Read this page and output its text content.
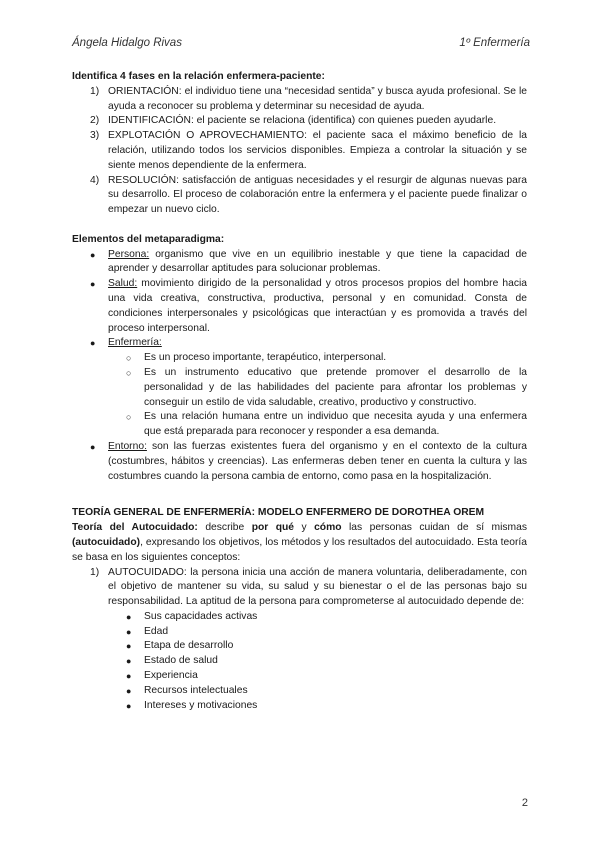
Ángela Hidalgo Rivas	1º Enfermería
Identifica 4 fases en la relación enfermera-paciente:
1) ORIENTACIÓN: el individuo tiene una “necesidad sentida” y busca ayuda profesional. Se le ayuda a reconocer su problema y determinar su necesidad de ayuda.
2) IDENTIFICACIÓN: el paciente se relaciona (identifica) con quienes pueden ayudarle.
3) EXPLOTACIÓN O APROVECHAMIENTO: el paciente saca el máximo beneficio de la relación, utilizando todos los servicios disponibles. Empieza a controlar la situación y se siente menos dependiente de la enfermera.
4) RESOLUCIÓN: satisfacción de antiguas necesidades y el resurgir de algunas nuevas para su desarrollo. El proceso de colaboración entre la enfermera y el paciente puede finalizar o empezar un nuevo ciclo.
Elementos del metaparadigma:
● Persona: organismo que vive en un equilibrio inestable y que tiene la capacidad de aprender y desarrollar aptitudes para solucionar problemas.
● Salud: movimiento dirigido de la personalidad y otros procesos propios del hombre hacia una vida creativa, constructiva, productiva, personal y en comunidad. Consta de condiciones interpersonales y psicológicas que interactúan y es promovida a través del proceso interpersonal.
● Enfermería:
○ Es un proceso importante, terapéutico, interpersonal.
○ Es un instrumento educativo que pretende promover el desarrollo de la personalidad y de las habilidades del paciente para afrontar los problemas y conseguir un estilo de vida saludable, creativo, productivo y constructivo.
○ Es una relación humana entre un individuo que necesita ayuda y una enfermera que está preparada para reconocer y responder a esa demanda.
● Entorno: son las fuerzas existentes fuera del organismo y en el contexto de la cultura (costumbres, hábitos y creencias). Las enfermeras deben tener en cuenta la cultura y las costumbres cuando la persona cambia de entorno, como pasa en la hospitalización.
TEORÍA GENERAL DE ENFERMERÍA: MODELO ENFERMERO DE DOROTHEA OREM
Teoría del Autocuidado: describe por qué y cómo las personas cuidan de sí mismas (autocuidado), expresando los objetivos, los métodos y los resultados del autocuidado. Esta teoría se basa en los siguientes conceptos:
1) AUTOCUIDADO: la persona inicia una acción de manera voluntaria, deliberadamente, con el objetivo de mantener su vida, su salud y su bienestar o el de las personas bajo su responsabilidad. La aptitud de la persona para comprometerse al autocuidado depende de:
● Sus capacidades activas
● Edad
● Etapa de desarrollo
● Estado de salud
● Experiencia
● Recursos intelectuales
● Intereses y motivaciones
2
